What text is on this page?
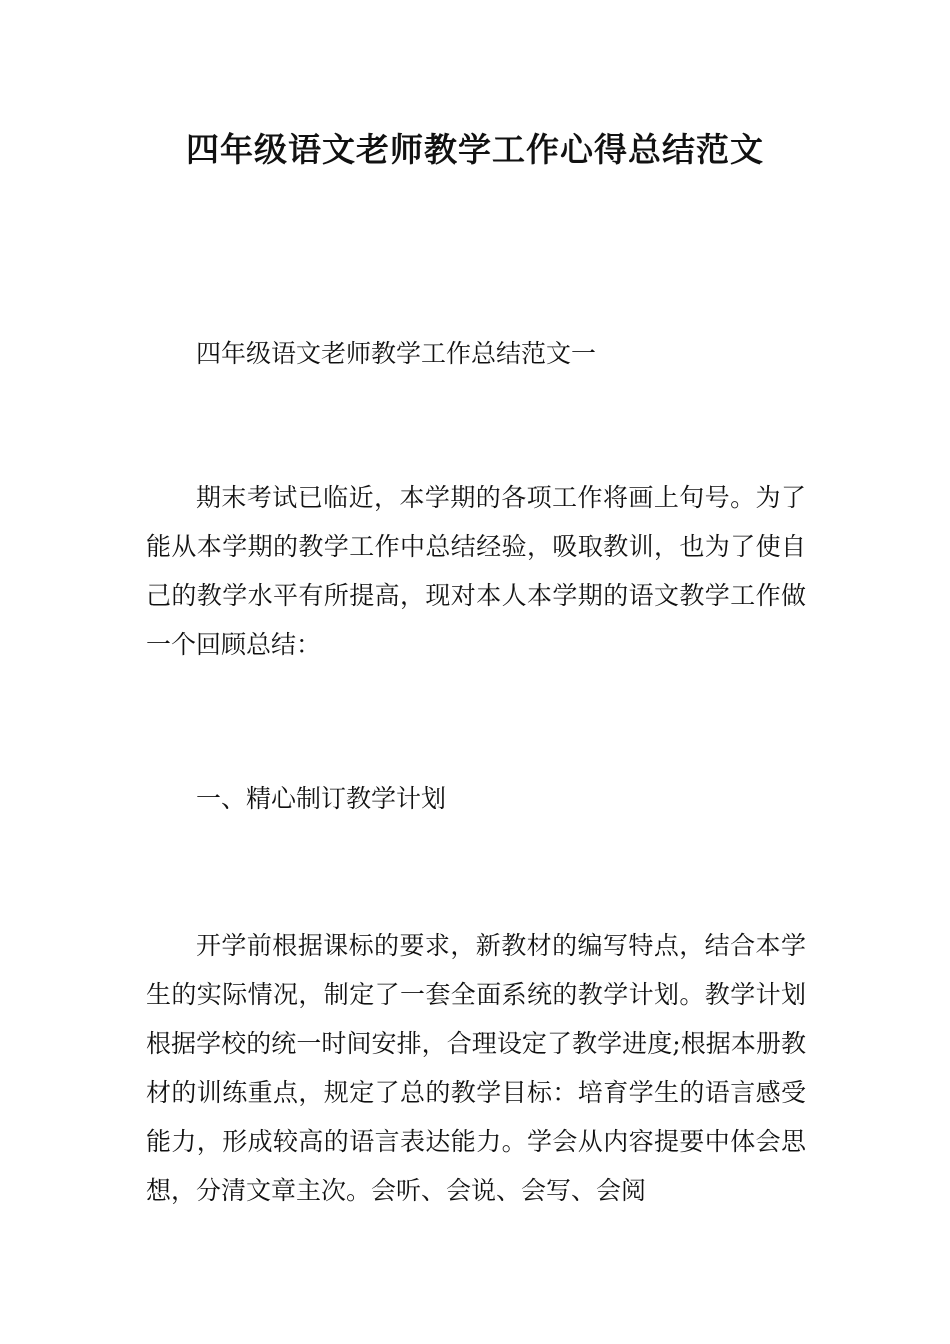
四年级语文老师教学工作心得总结范文

四年级语文老师教学工作总结范文一

期末考试已临近，本学期的各项工作将画上句号。为了能从本学期的教学工作中总结经验，吸取教训，也为了使自己的教学水平有所提高，现对本人本学期的语文教学工作做一个回顾总结：

一、精心制订教学计划

开学前根据课标的要求，新教材的编写特点，结合本学生的实际情况，制定了一套全面系统的教学计划。教学计划根据学校的统一时间安排，合理设定了教学进度;根据本册教材的训练重点，规定了总的教学目标：培育学生的语言感受能力，形成较高的语言表达能力。学会从内容提要中体会思想，分清文章主次。会听、会说、会写、会阅
